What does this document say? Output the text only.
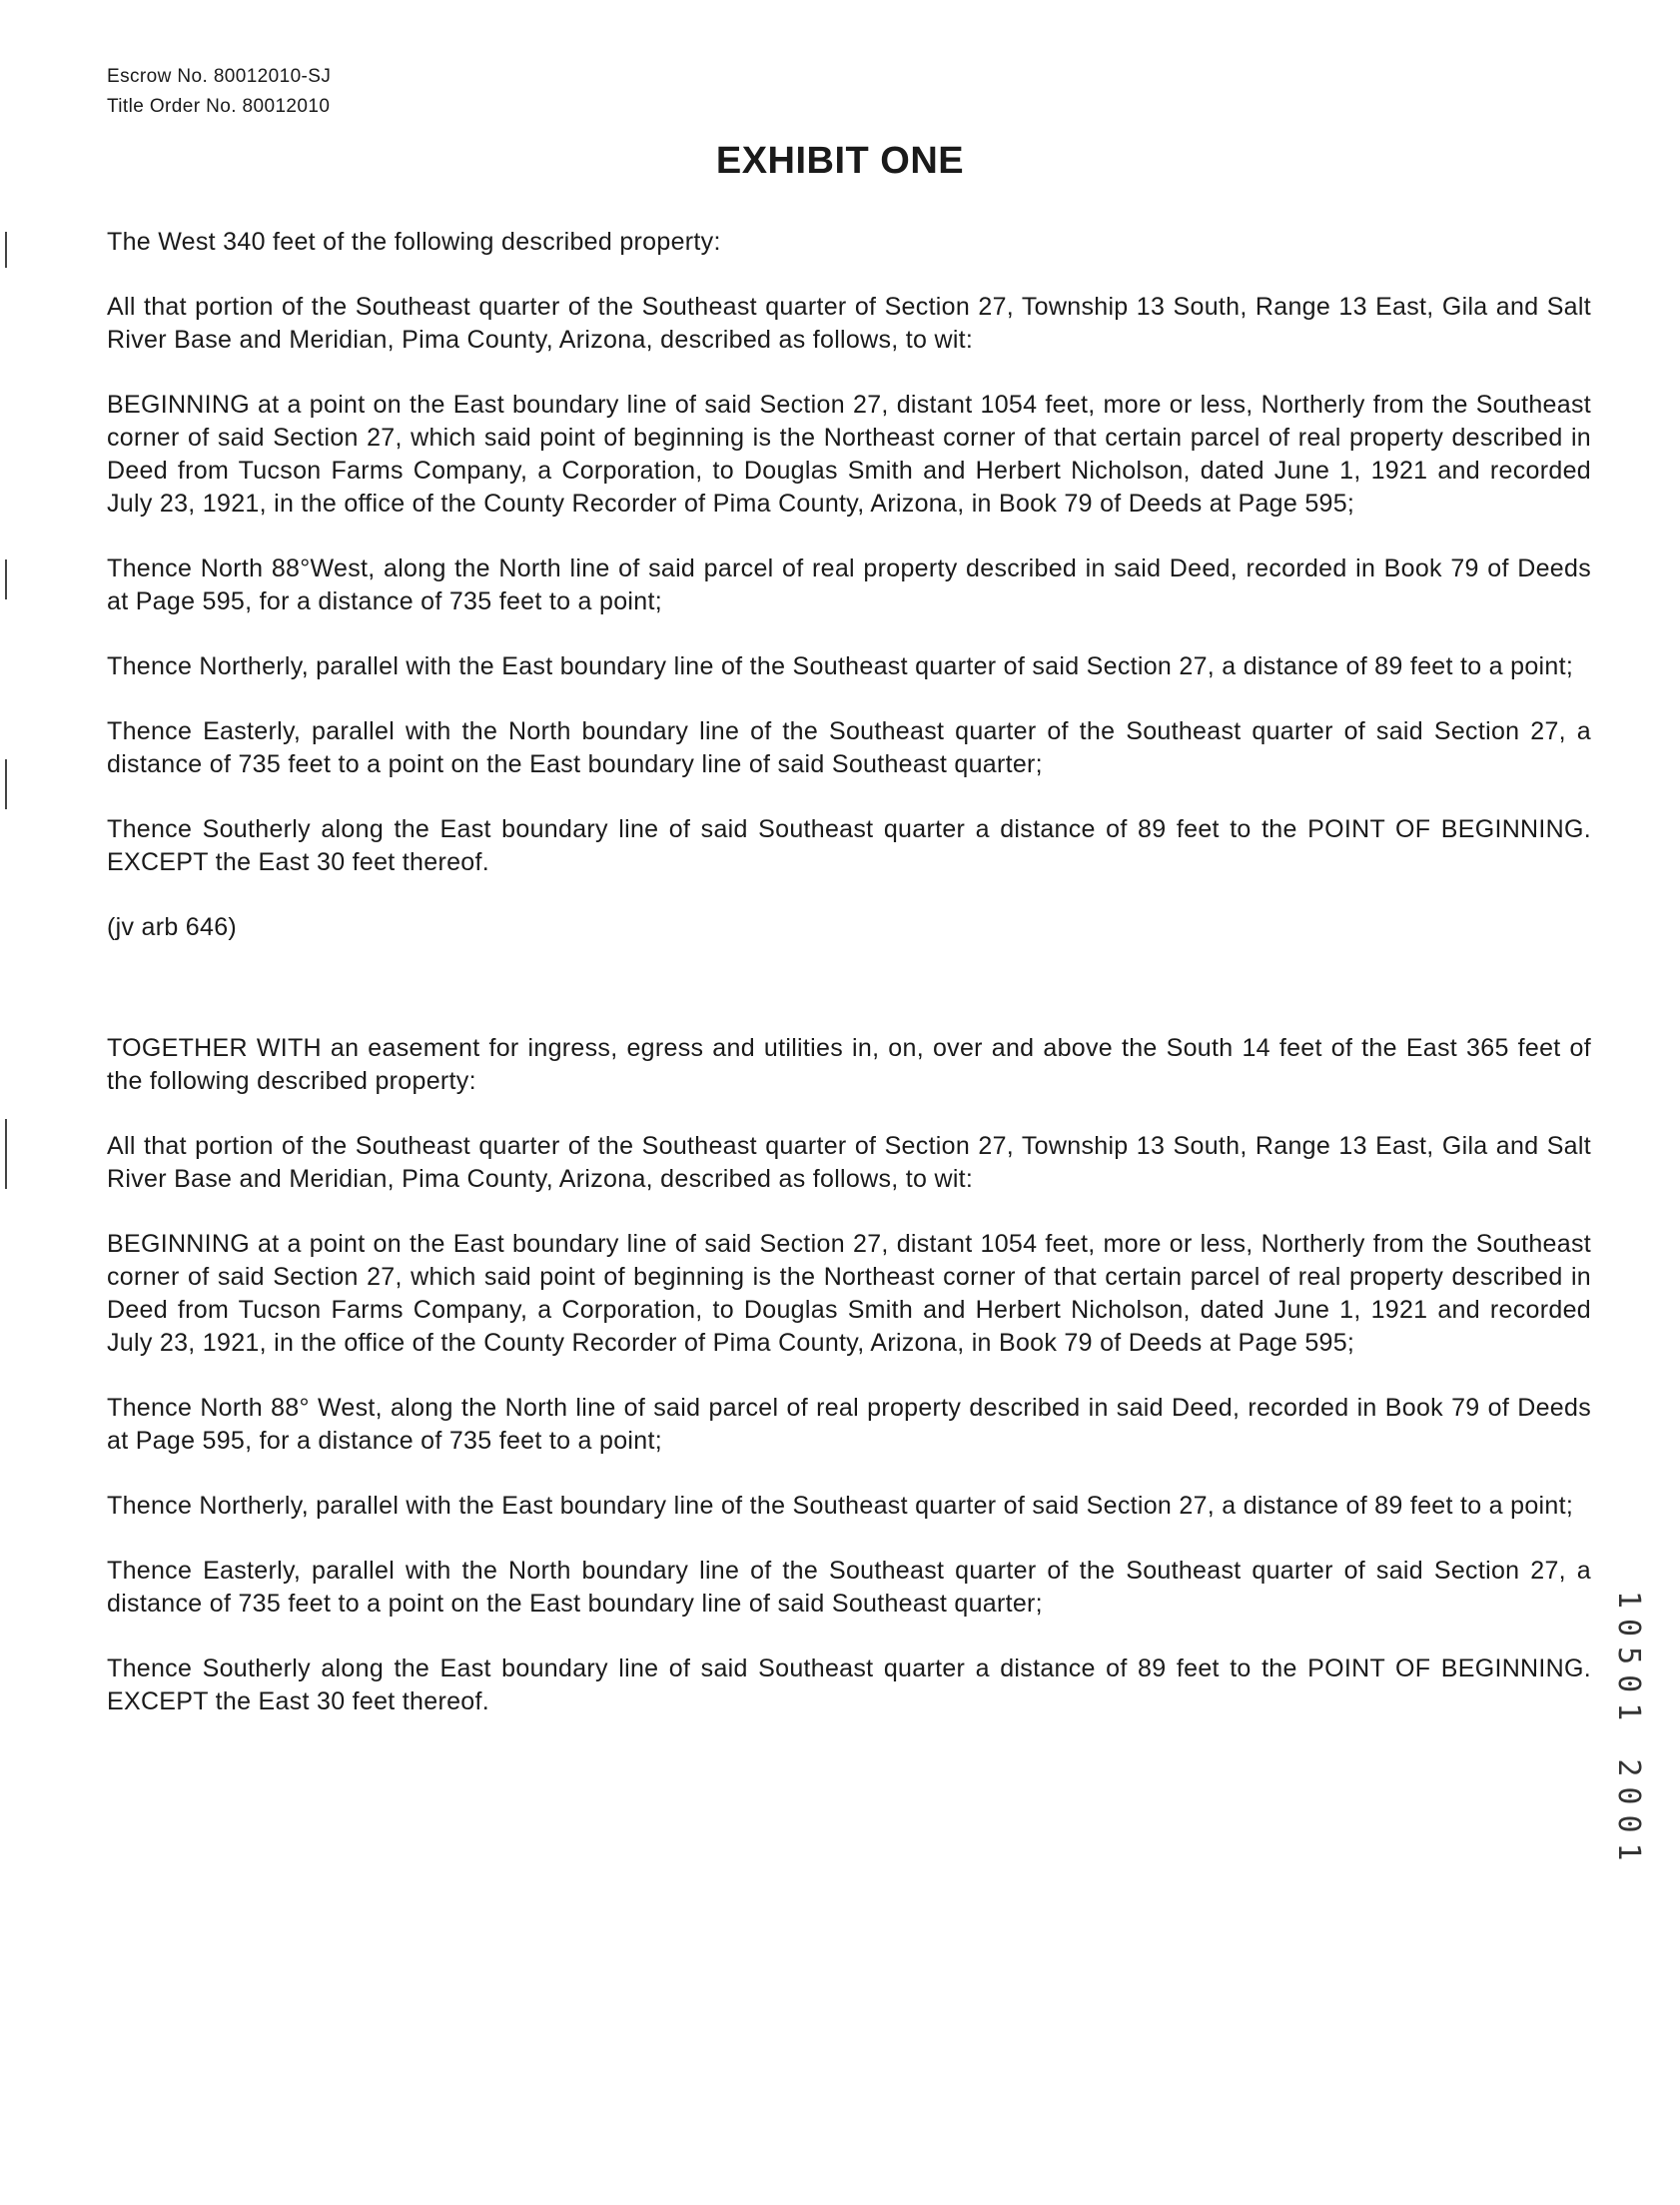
Escrow No. 80012010-SJ
Title Order No. 80012010
EXHIBIT ONE

The West 340 feet of the following described property:

All that portion of the Southeast quarter of the Southeast quarter of Section 27, Township 13 South, Range 13 East, Gila and Salt River Base and Meridian, Pima County, Arizona, described as follows, to wit:

BEGINNING at a point on the East boundary line of said Section 27, distant 1054 feet, more or less, Northerly from the Southeast corner of said Section 27, which said point of beginning is the Northeast corner of that certain parcel of real property described in Deed from Tucson Farms Company, a Corporation, to Douglas Smith and Herbert Nicholson, dated June 1, 1921 and recorded July 23, 1921, in the office of the County Recorder of Pima County, Arizona, in Book 79 of Deeds at Page 595;

Thence North 88°West, along the North line of said parcel of real property described in said Deed, recorded in Book 79 of Deeds at Page 595, for a distance of 735 feet to a point;

Thence Northerly, parallel with the East boundary line of the Southeast quarter of said Section 27, a distance of 89 feet to a point;

Thence Easterly, parallel with the North boundary line of the Southeast quarter of the Southeast quarter of said Section 27, a distance of 735 feet to a point on the East boundary line of said Southeast quarter;

Thence Southerly along the East boundary line of said Southeast quarter a distance of 89 feet to the POINT OF BEGINNING. EXCEPT the East 30 feet thereof.

(jv arb 646)

TOGETHER WITH an easement for ingress, egress and utilities in, on, over and above the South 14 feet of the East 365 feet of the following described property:

All that portion of the Southeast quarter of the Southeast quarter of Section 27, Township 13 South, Range 13 East, Gila and Salt River Base and Meridian, Pima County, Arizona, described as follows, to wit:

BEGINNING at a point on the East boundary line of said Section 27, distant 1054 feet, more or less, Northerly from the Southeast corner of said Section 27, which said point of beginning is the Northeast corner of that certain parcel of real property described in Deed from Tucson Farms Company, a Corporation, to Douglas Smith and Herbert Nicholson, dated June 1, 1921 and recorded July 23, 1921, in the office of the County Recorder of Pima County, Arizona, in Book 79 of Deeds at Page 595;

Thence North 88° West, along the North line of said parcel of real property described in said Deed, recorded in Book 79 of Deeds at Page 595, for a distance of 735 feet to a point;

Thence Northerly, parallel with the East boundary line of the Southeast quarter of said Section 27, a distance of 89 feet to a point;

Thence Easterly, parallel with the North boundary line of the Southeast quarter of the Southeast quarter of said Section 27, a distance of 735 feet to a point on the East boundary line of said Southeast quarter;

Thence Southerly along the East boundary line of said Southeast quarter a distance of 89 feet to the POINT OF BEGINNING. EXCEPT the East 30 feet thereof.	10501 2001
